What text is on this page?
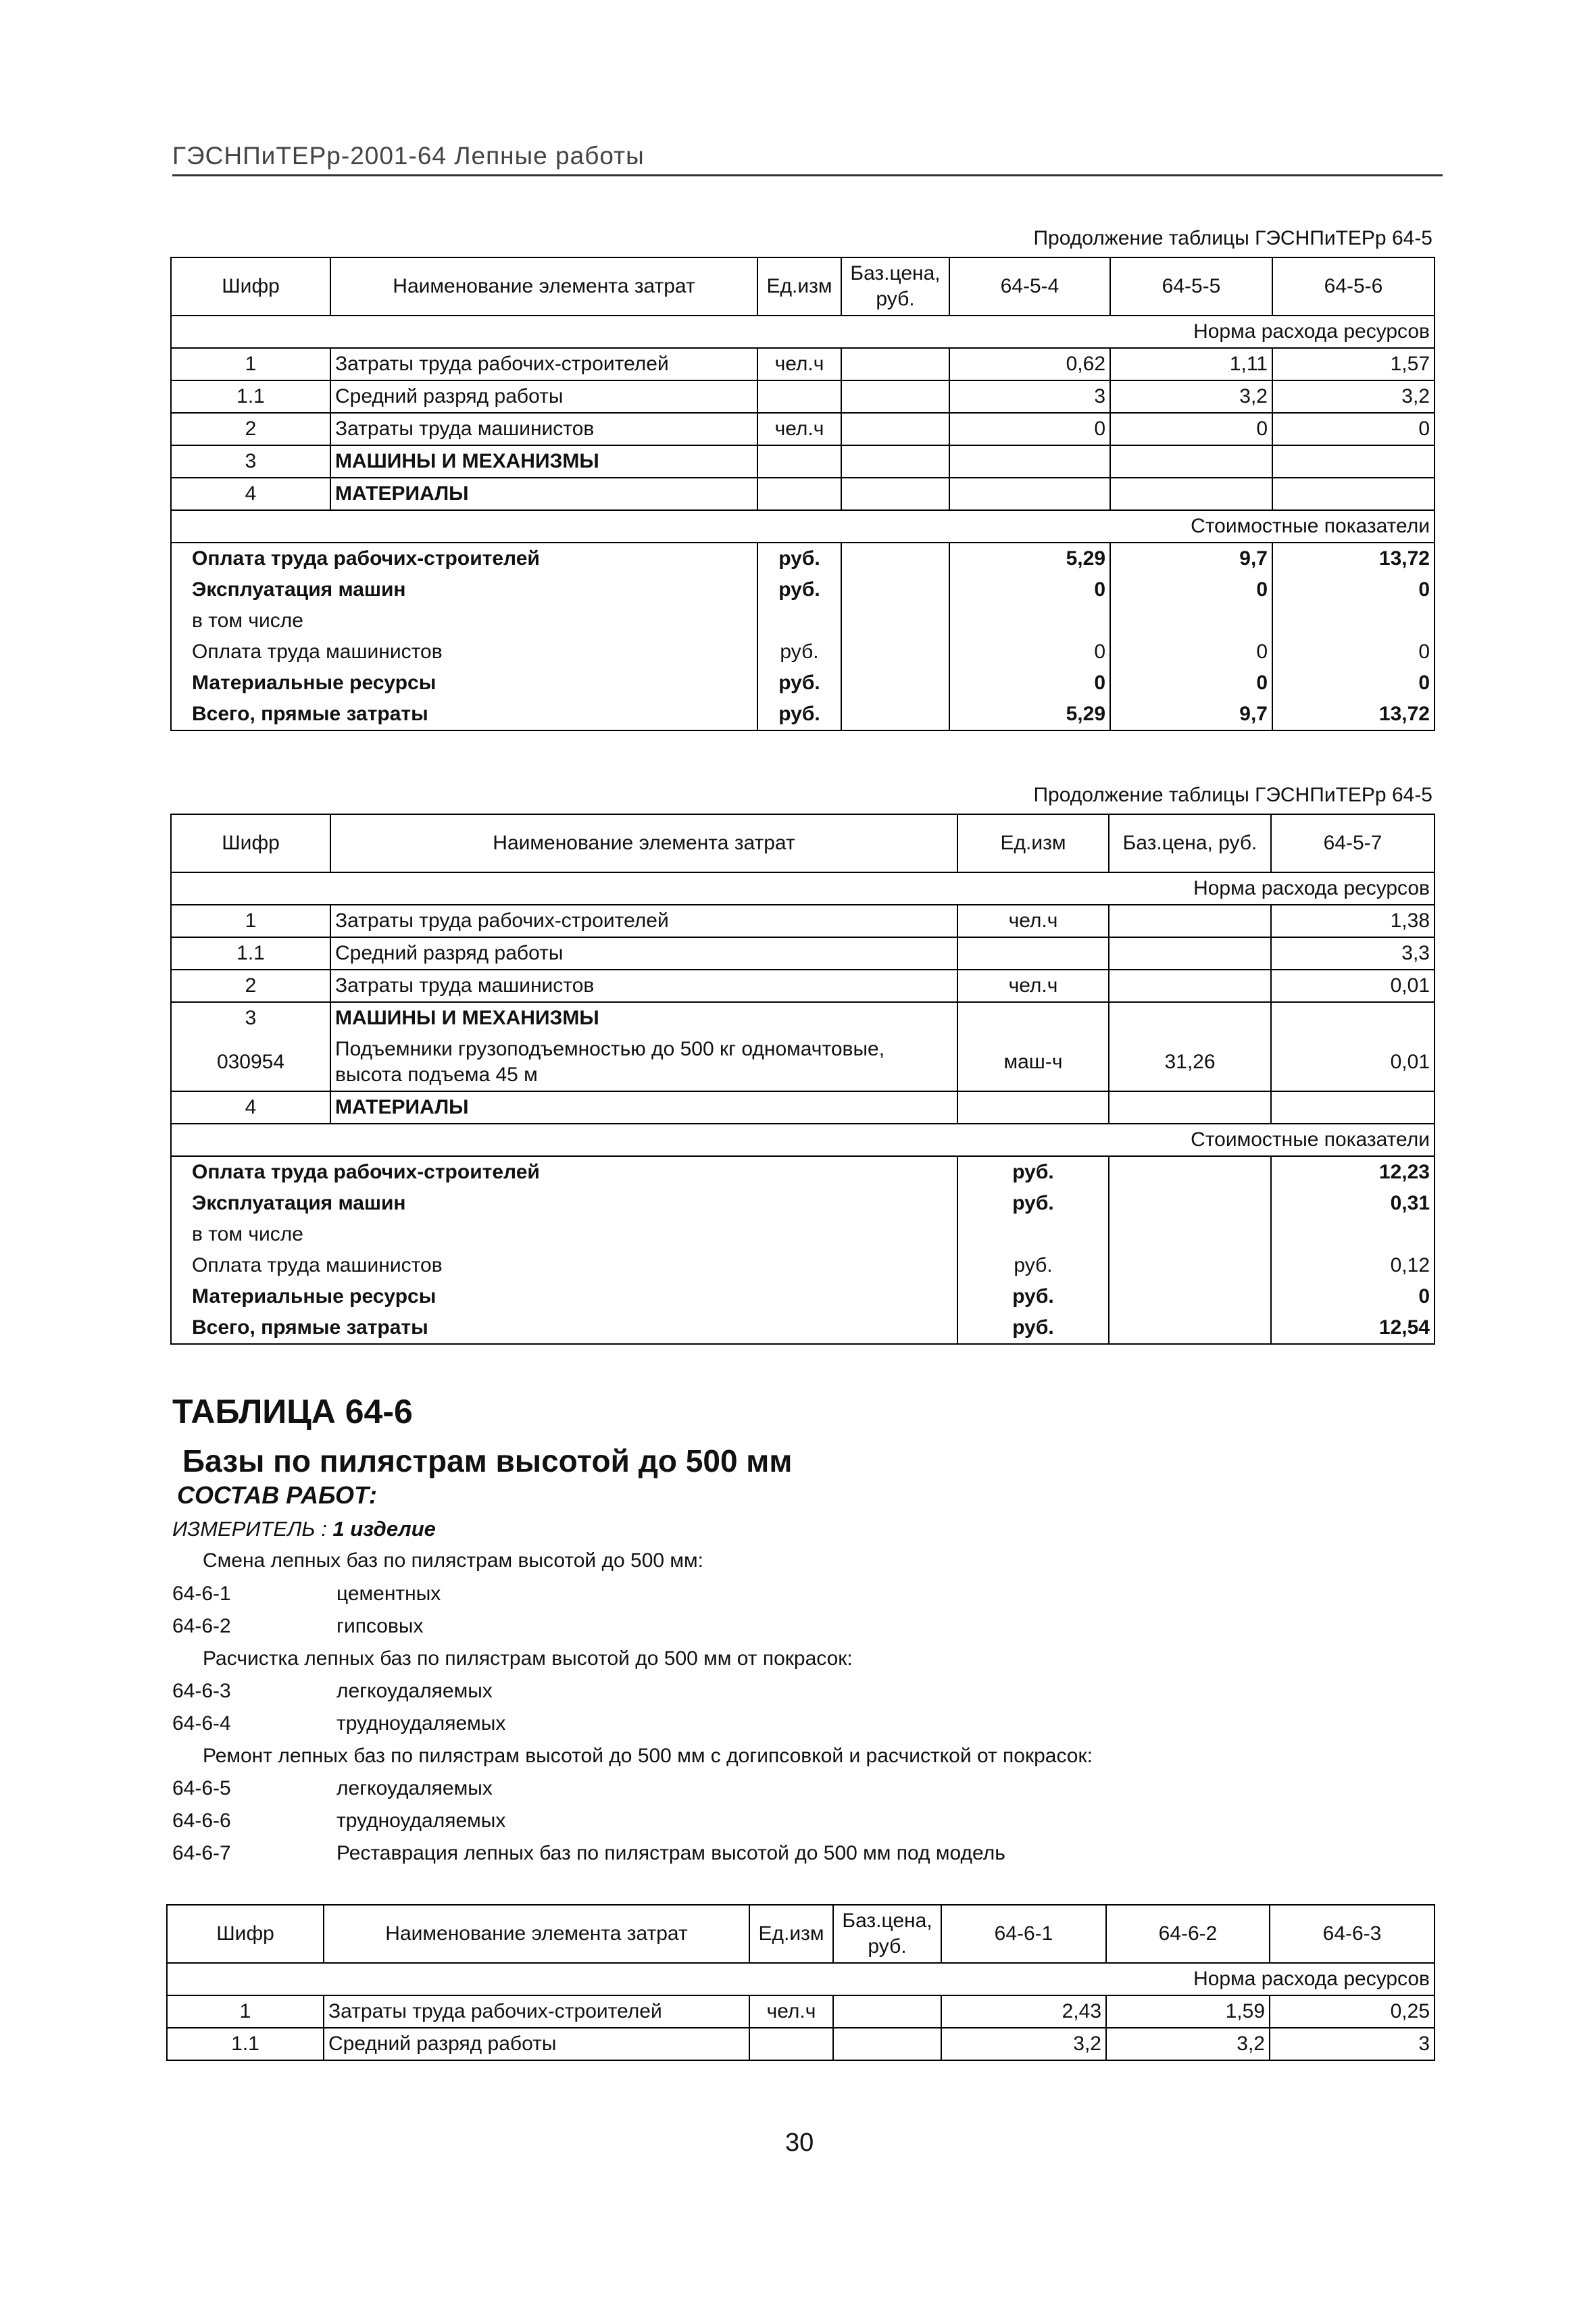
ГЭСНПиТЕРр-2001-64 Лепные работы
Продолжение таблицы ГЭСНПиТЕРр 64-5
Шифр	Наименование элемента затрат	Ед.изм	Баз.цена, руб.	64-5-4	64-5-5	64-5-6
Норма расхода ресурсов						
1	Затраты труда рабочих-строителей	чел.ч		0,62	1,11	1,57
1.1	Средний разряд работы			3	3,2	3,2
2	Затраты труда машинистов	чел.ч		0	0	0
3	МАШИНЫ И МЕХАНИЗМЫ					
4	МАТЕРИАЛЫ					
Стоимостные показатели						
Оплата труда рабочих-строителей		руб.		5,29	9,7	13,72
Эксплуатация машин		руб.		0	0	0
в том числе						
Оплата труда машинистов		руб.		0	0	0
Материальные ресурсы		руб.		0	0	0
Всего, прямые затраты		руб.		5,29	9,7	13,72
Продолжение таблицы ГЭСНПиТЕРр 64-5
Шифр	Наименование элемента затрат	Ед.изм	Баз.цена, руб.	64-5-7
Норма расхода ресурсов				
1	Затраты труда рабочих-строителей	чел.ч		1,38
1.1	Средний разряд работы			3,3
2	Затраты труда машинистов	чел.ч		0,01
3	МАШИНЫ И МЕХАНИЗМЫ			
030954	Подъемники грузоподъемностью до 500 кг одномачтовые, высота подъема 45 м	маш-ч	31,26	0,01
4	МАТЕРИАЛЫ			
Стоимостные показатели				
Оплата труда рабочих-строителей		руб.		12,23
Эксплуатация машин		руб.		0,31
в том числе				
Оплата труда машинистов		руб.		0,12
Материальные ресурсы		руб.		0
Всего, прямые затраты		руб.		12,54
ТАБЛИЦА 64-6
Базы по пилястрам высотой до 500 мм
СОСТАВ РАБОТ:
ИЗМЕРИТЕЛЬ : 1 изделие
Смена лепных баз по пилястрам высотой до 500 мм:
64-6-1	цементных
64-6-2	гипсовых
Расчистка лепных баз по пилястрам высотой до 500 мм от покрасок:
64-6-3	легкоудаляемых
64-6-4	трудноудаляемых
Ремонт лепных баз по пилястрам высотой до 500 мм с догипсовкой и расчисткой от покрасок:
64-6-5	легкоудаляемых
64-6-6	трудноудаляемых
64-6-7	Реставрация лепных баз по пилястрам высотой до 500 мм под модель
Шифр	Наименование элемента затрат	Ед.изм	Баз.цена, руб.	64-6-1	64-6-2	64-6-3
Норма расхода ресурсов						
1	Затраты труда рабочих-строителей	чел.ч		2,43	1,59	0,25
1.1	Средний разряд работы			3,2	3,2	3
30
